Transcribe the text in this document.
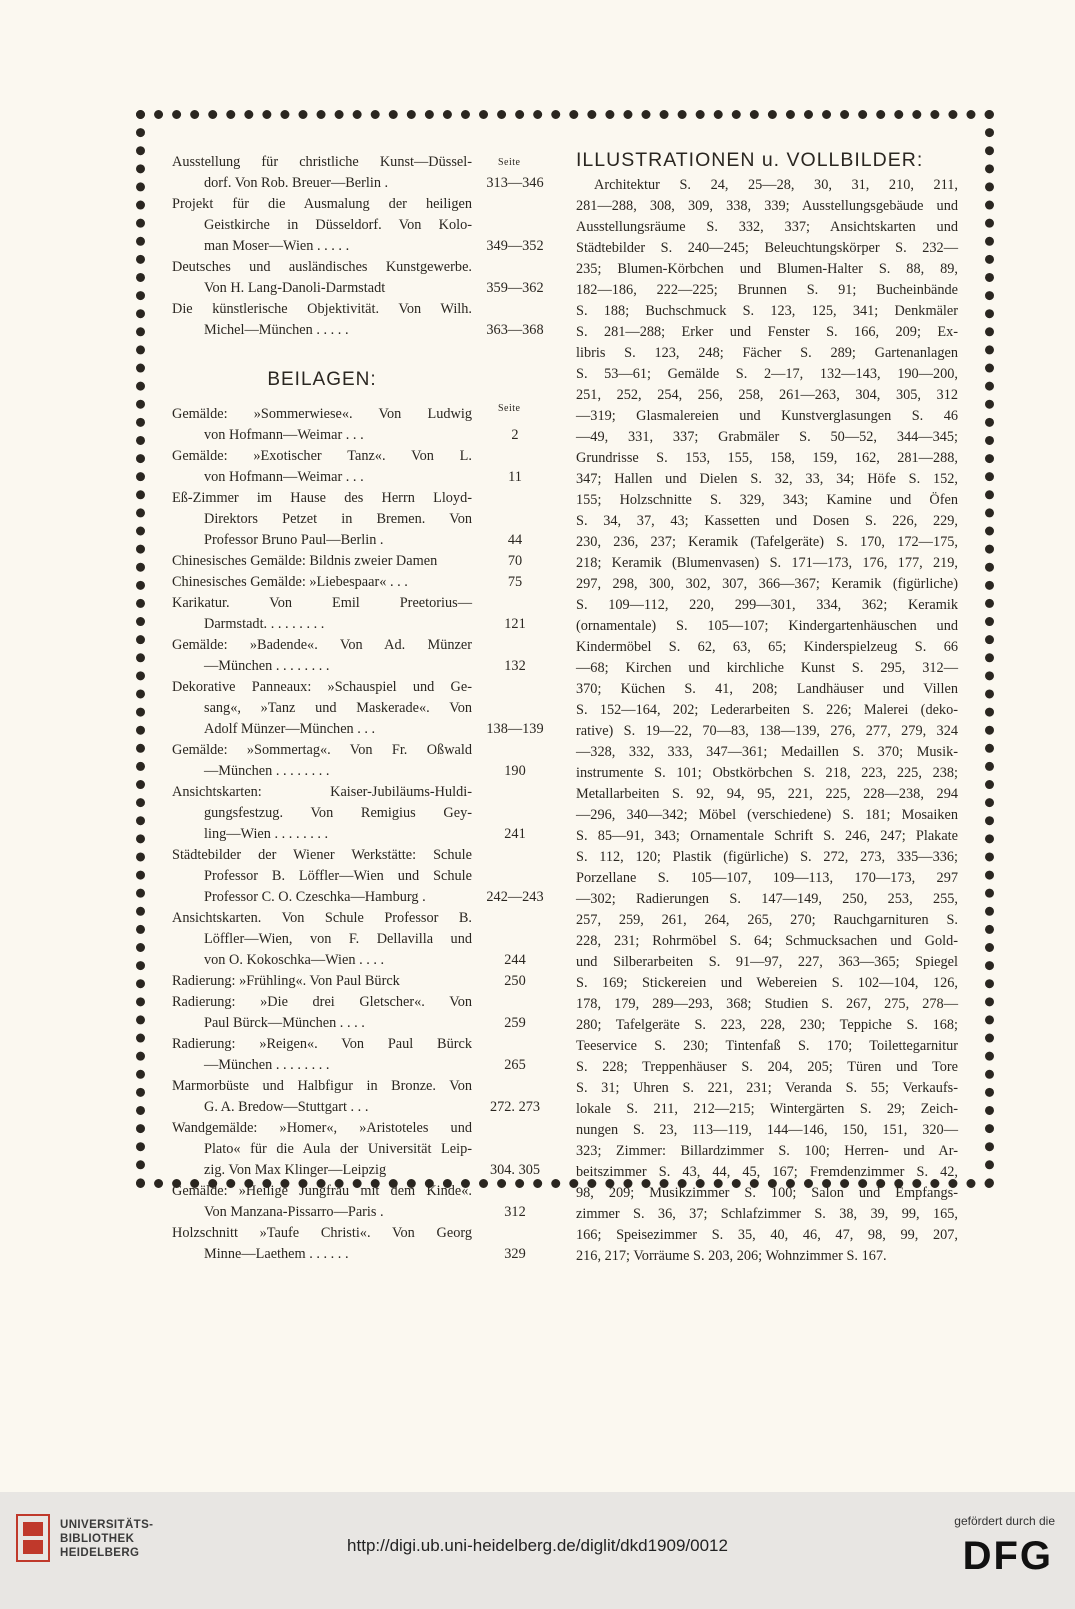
Seite
Ausstellung für christliche Kunst—Düssel-
dorf. Von Rob. Breuer—Berlin .	313—346
Projekt für die Ausmalung der heiligen
Geistkirche in Düsseldorf. Von Kolo-
man Moser—Wien . . . . .	349—352
Deutsches und ausländisches Kunstgewerbe.
Von H. Lang-Danoli-Darmstadt	359—362
Die künstlerische Objektivität. Von Wilh.
Michel—München . . . . .	363—368
BEILAGEN:
Seite
Gemälde: »Sommerwiese«. Von Ludwig
von Hofmann—Weimar . . .	2
Gemälde: »Exotischer Tanz«. Von L.
von Hofmann—Weimar . . .	11
Eß-Zimmer im Hause des Herrn Lloyd-
Direktors Petzet in Bremen. Von
Professor Bruno Paul—Berlin .	44
Chinesisches Gemälde: Bildnis zweier Damen	70
Chinesisches Gemälde: »Liebespaar« . . .	75
Karikatur. Von Emil Preetorius—
Darmstadt. . . . . . . . .	121
Gemälde: »Badende«. Von Ad. Münzer
—München . . . . . . . .	132
Dekorative Panneaux: »Schauspiel und Ge-
sang«, »Tanz und Maskerade«. Von
Adolf Münzer—München . . .	138—139
Gemälde: »Sommertag«. Von Fr. Oßwald
—München . . . . . . . .	190
Ansichtskarten: Kaiser-Jubiläums-Huldi-
gungsfestzug. Von Remigius Gey-
ling—Wien . . . . . . . .	241
Städtebilder der Wiener Werkstätte: Schule
Professor B. Löffler—Wien und Schule
Professor C. O. Czeschka—Hamburg .	242—243
Ansichtskarten. Von Schule Professor B.
Löffler—Wien, von F. Dellavilla und
von O. Kokoschka—Wien . . . .	244
Radierung: »Frühling«. Von Paul Bürck	250
Radierung: »Die drei Gletscher«. Von
Paul Bürck—München . . . .	259
Radierung: »Reigen«. Von Paul Bürck
—München . . . . . . . .	265
Marmorbüste und Halbfigur in Bronze. Von
G. A. Bredow—Stuttgart . . .	272. 273
Wandgemälde: »Homer«, »Aristoteles und
Plato« für die Aula der Universität Leip-
zig. Von Max Klinger—Leipzig	304. 305
Gemälde: »Heilige Jungfrau mit dem Kinde«.
Von Manzana-Pissarro—Paris .	312
Holzschnitt »Taufe Christi«. Von Georg
Minne—Laethem . . . . . .	329
ILLUSTRATIONEN u. VOLLBILDER:
Architektur S. 24, 25—28, 30, 31, 210, 211,
281—288, 308, 309, 338, 339; Ausstellungsgebäude und
Ausstellungsräume S. 332, 337; Ansichtskarten und
Städtebilder S. 240—245; Beleuchtungskörper S. 232—
235; Blumen-Körbchen und Blumen-Halter S. 88, 89,
182—186, 222—225; Brunnen S. 91; Bucheinbände
S. 188; Buchschmuck S. 123, 125, 341; Denkmäler
S. 281—288; Erker und Fenster S. 166, 209; Ex-
libris S. 123, 248; Fächer S. 289; Gartenanlagen
S. 53—61; Gemälde S. 2—17, 132—143, 190—200,
251, 252, 254, 256, 258, 261—263, 304, 305, 312
—319; Glasmalereien und Kunstverglasungen S. 46
—49, 331, 337; Grabmäler S. 50—52, 344—345;
Grundrisse S. 153, 155, 158, 159, 162, 281—288,
347; Hallen und Dielen S. 32, 33, 34; Höfe S. 152,
155; Holzschnitte S. 329, 343; Kamine und Öfen
S. 34, 37, 43; Kassetten und Dosen S. 226, 229,
230, 236, 237; Keramik (Tafelgeräte) S. 170, 172—175,
218; Keramik (Blumenvasen) S. 171—173, 176, 177, 219,
297, 298, 300, 302, 307, 366—367; Keramik (figürliche)
S. 109—112, 220, 299—301, 334, 362; Keramik
(ornamentale) S. 105—107; Kindergartenhäuschen und
Kindermöbel S. 62, 63, 65; Kinderspielzeug S. 66
—68; Kirchen und kirchliche Kunst S. 295, 312—
370; Küchen S. 41, 208; Landhäuser und Villen
S. 152—164, 202; Lederarbeiten S. 226; Malerei (deko-
rative) S. 19—22, 70—83, 138—139, 276, 277, 279, 324
—328, 332, 333, 347—361; Medaillen S. 370; Musik-
instrumente S. 101; Obstkörbchen S. 218, 223, 225, 238;
Metallarbeiten S. 92, 94, 95, 221, 225, 228—238, 294
—296, 340—342; Möbel (verschiedene) S. 181; Mosaiken
S. 85—91, 343; Ornamentale Schrift S. 246, 247; Plakate
S. 112, 120; Plastik (figürliche) S. 272, 273, 335—336;
Porzellane S. 105—107, 109—113, 170—173, 297
—302; Radierungen S. 147—149, 250, 253, 255,
257, 259, 261, 264, 265, 270; Rauchgarnituren S.
228, 231; Rohrmöbel S. 64; Schmucksachen und Gold-
und Silberarbeiten S. 91—97, 227, 363—365; Spiegel
S. 169; Stickereien und Webereien S. 102—104, 126,
178, 179, 289—293, 368; Studien S. 267, 275, 278—
280; Tafelgeräte S. 223, 228, 230; Teppiche S. 168;
Teeservice S. 230; Tintenfaß S. 170; Toilettegarnitur
S. 228; Treppenhäuser S. 204, 205; Türen und Tore
S. 31; Uhren S. 221, 231; Veranda S. 55; Verkaufs-
lokale S. 211, 212—215; Wintergärten S. 29; Zeich-
nungen S. 23, 113—119, 144—146, 150, 151, 320—
323; Zimmer: Billardzimmer S. 100; Herren- und Ar-
beitszimmer S. 43, 44, 45, 167; Fremdenzimmer S. 42,
98, 209; Musikzimmer S. 100; Salon und Empfangs-
zimmer S. 36, 37; Schlafzimmer S. 38, 39, 99, 165,
166; Speisezimmer S. 35, 40, 46, 47, 98, 99, 207,
216, 217; Vorräume S. 203, 206; Wohnzimmer S. 167.
UNIVERSITÄTS-
BIBLIOTHEK
HEIDELBERG	http://digi.ub.uni-heidelberg.de/diglit/dkd1909/0012
gefördert durch die
DFG
